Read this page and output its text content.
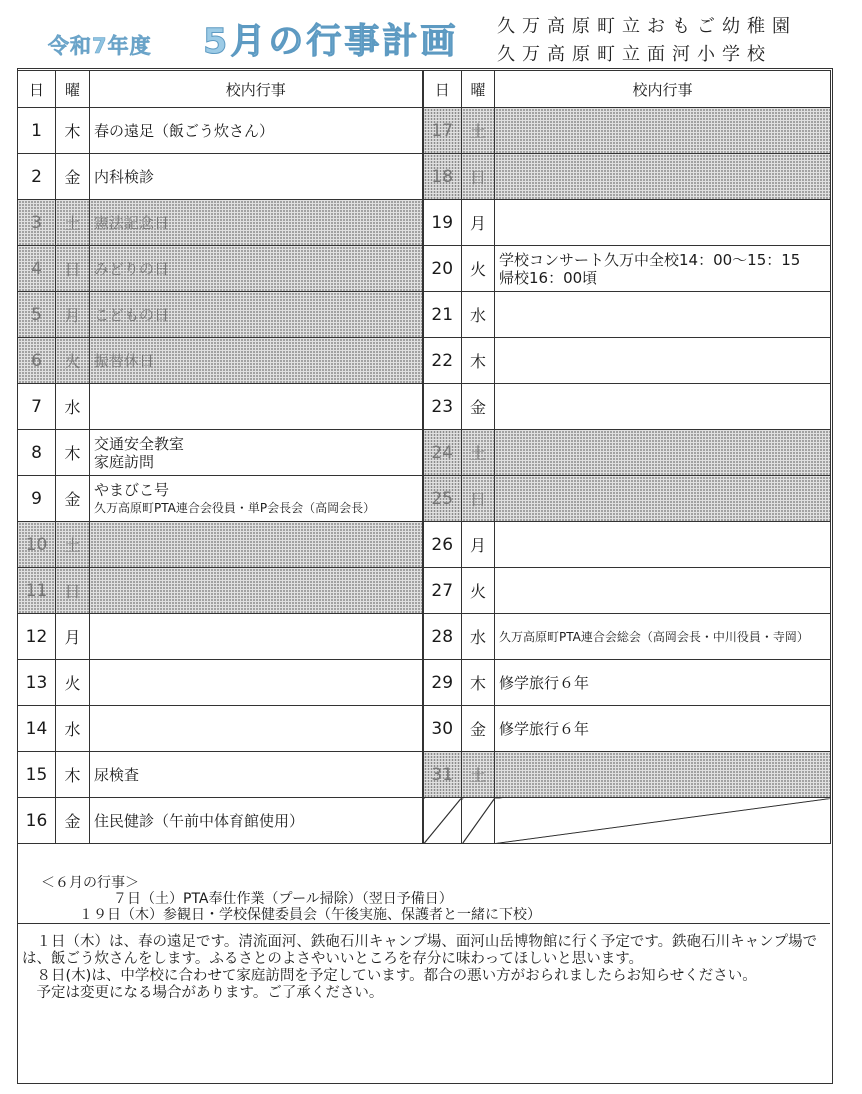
令和7年度 5月の行事計画 久万高原町立おもご幼稚園
久万高原町立面河小学校
日	曜	校内行事	日	曜	校内行事
1	木	春の遠足（飯ごう炊さん）	17	土	

2	金	内科検診	18	日	

3	土	憲法記念日	19	月	

4	日	みどりの日	20	火	学校コンサート久万中全校14：00～15：15
帰校16：00頃

5	月	こどもの日	21	水	

6	火	振替休日	22	木	

7	水		23	金	

8	木	交通安全教室
家庭訪問	24	土	

9	金	やまびこ号
久万高原町PTA連合会役員・単P会長会（高岡会長）	25	日	

10	土		26	月	

11	日		27	火	

12	月		28	水	久万高原町PTA連合会総会（高岡会長・中川役員・寺岡）

13	火		29	木	修学旅行６年

14	水		30	金	修学旅行６年

15	木	尿検査	31	土	

16	金	住民健診（午前中体育館使用）			

＜６月の行事＞
７日（土）PTA奉仕作業（プール掃除）（翌日予備日）
１９日（木）参観日・学校保健委員会（午後実施、保護者と一緒に下校）

１日（木）は、春の遠足です。清流面河、鉄砲石川キャンプ場、面河山岳博物館に行く予定です。鉄砲石川キャンプ場では、飯ごう炊さんをします。ふるさとのよさやいいところを存分に味わってほしいと思います。

８日(木)は、中学校に合わせて家庭訪問を予定しています。都合の悪い方がおられましたらお知らせください。

予定は変更になる場合があります。ご了承ください。
